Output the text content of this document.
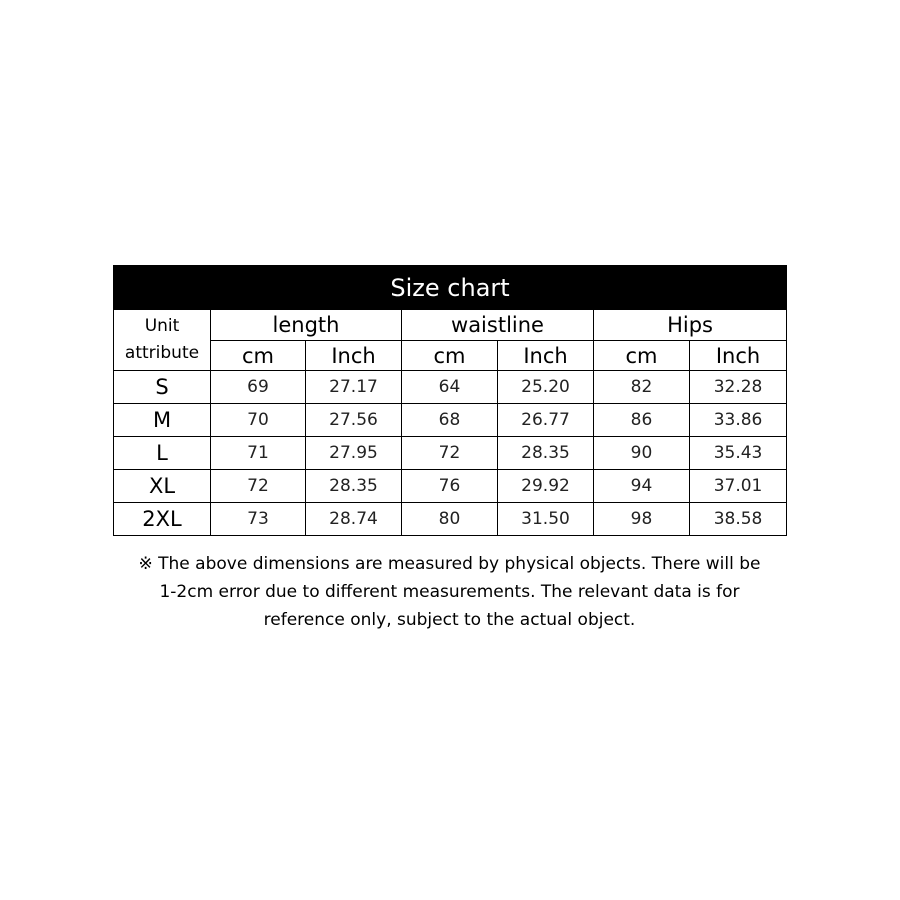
Size chart						

Unit
attribute	length		waistline		Hips	
	cm	Inch	cm	Inch	cm	Inch
S	69	27.17	64	25.20	82	32.28
M	70	27.56	68	26.77	86	33.86
L	71	27.95	72	28.35	90	35.43
XL	72	28.35	76	29.92	94	37.01
2XL	73	28.74	80	31.50	98	38.58
※ The above dimensions are measured by physical objects. There will be
1-2cm error due to different measurements. The relevant data is for
reference only, subject to the actual object.
